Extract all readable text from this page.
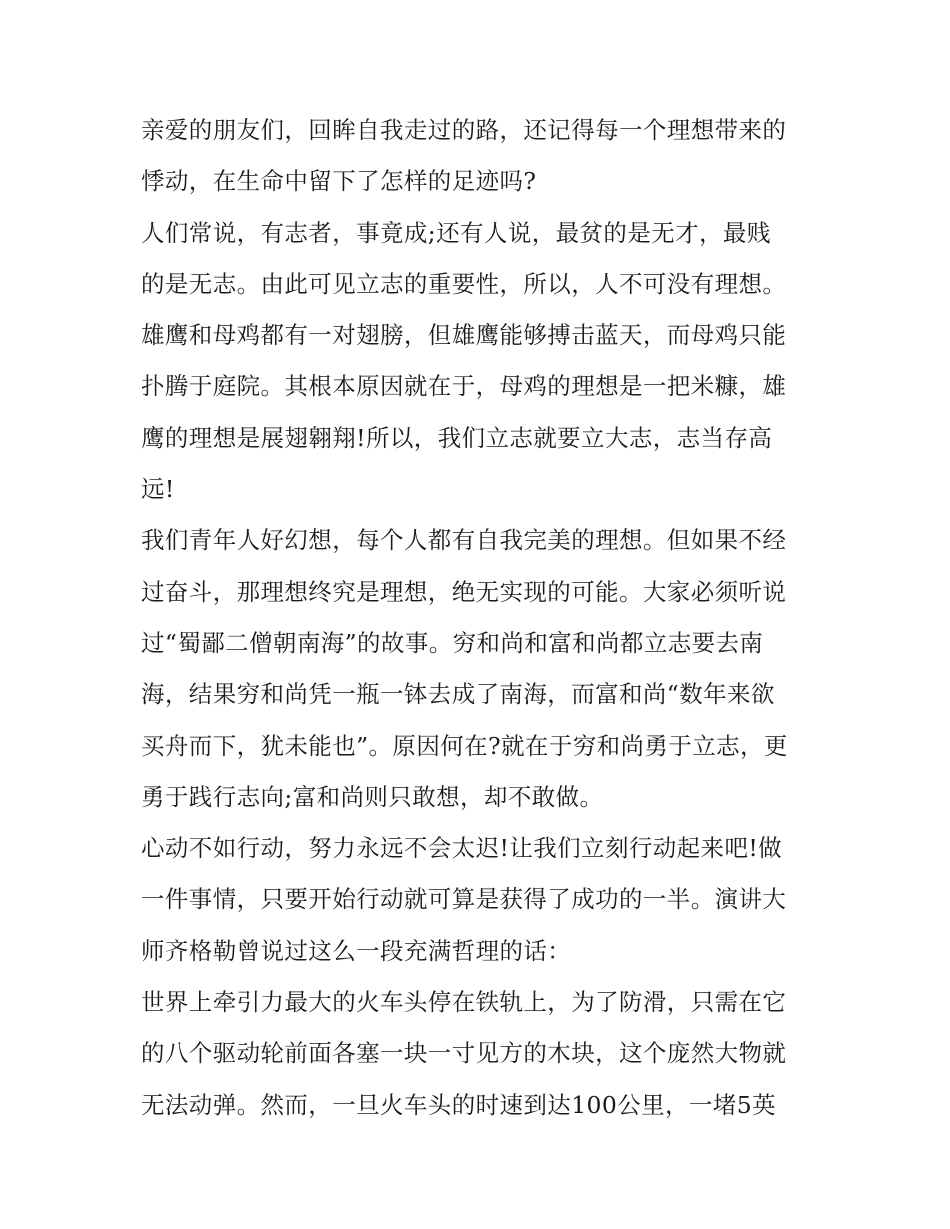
亲爱的朋友们，回眸自我走过的路，还记得每一个理想带来的
悸动，在生命中留下了怎样的足迹吗?

人们常说，有志者，事竟成;还有人说，最贫的是无才，最贱
的是无志。由此可见立志的重要性，所以，人不可没有理想。
雄鹰和母鸡都有一对翅膀，但雄鹰能够搏击蓝天，而母鸡只能
扑腾于庭院。其根本原因就在于，母鸡的理想是一把米糠，雄
鹰的理想是展翅翱翔!所以，我们立志就要立大志，志当存高
远!

我们青年人好幻想，每个人都有自我完美的理想。但如果不经
过奋斗，那理想终究是理想，绝无实现的可能。大家必须听说
过“蜀鄙二僧朝南海”的故事。穷和尚和富和尚都立志要去南
海，结果穷和尚凭一瓶一钵去成了南海，而富和尚“数年来欲
买舟而下，犹未能也”。原因何在?就在于穷和尚勇于立志，更
勇于践行志向;富和尚则只敢想，却不敢做。

心动不如行动，努力永远不会太迟!让我们立刻行动起来吧!做
一件事情，只要开始行动就可算是获得了成功的一半。演讲大
师齐格勒曾说过这么一段充满哲理的话：

世界上牵引力最大的火车头停在铁轨上，为了防滑，只需在它
的八个驱动轮前面各塞一块一寸见方的木块，这个庞然大物就
无法动弹。然而，一旦火车头的时速到达100公里，一堵5英
